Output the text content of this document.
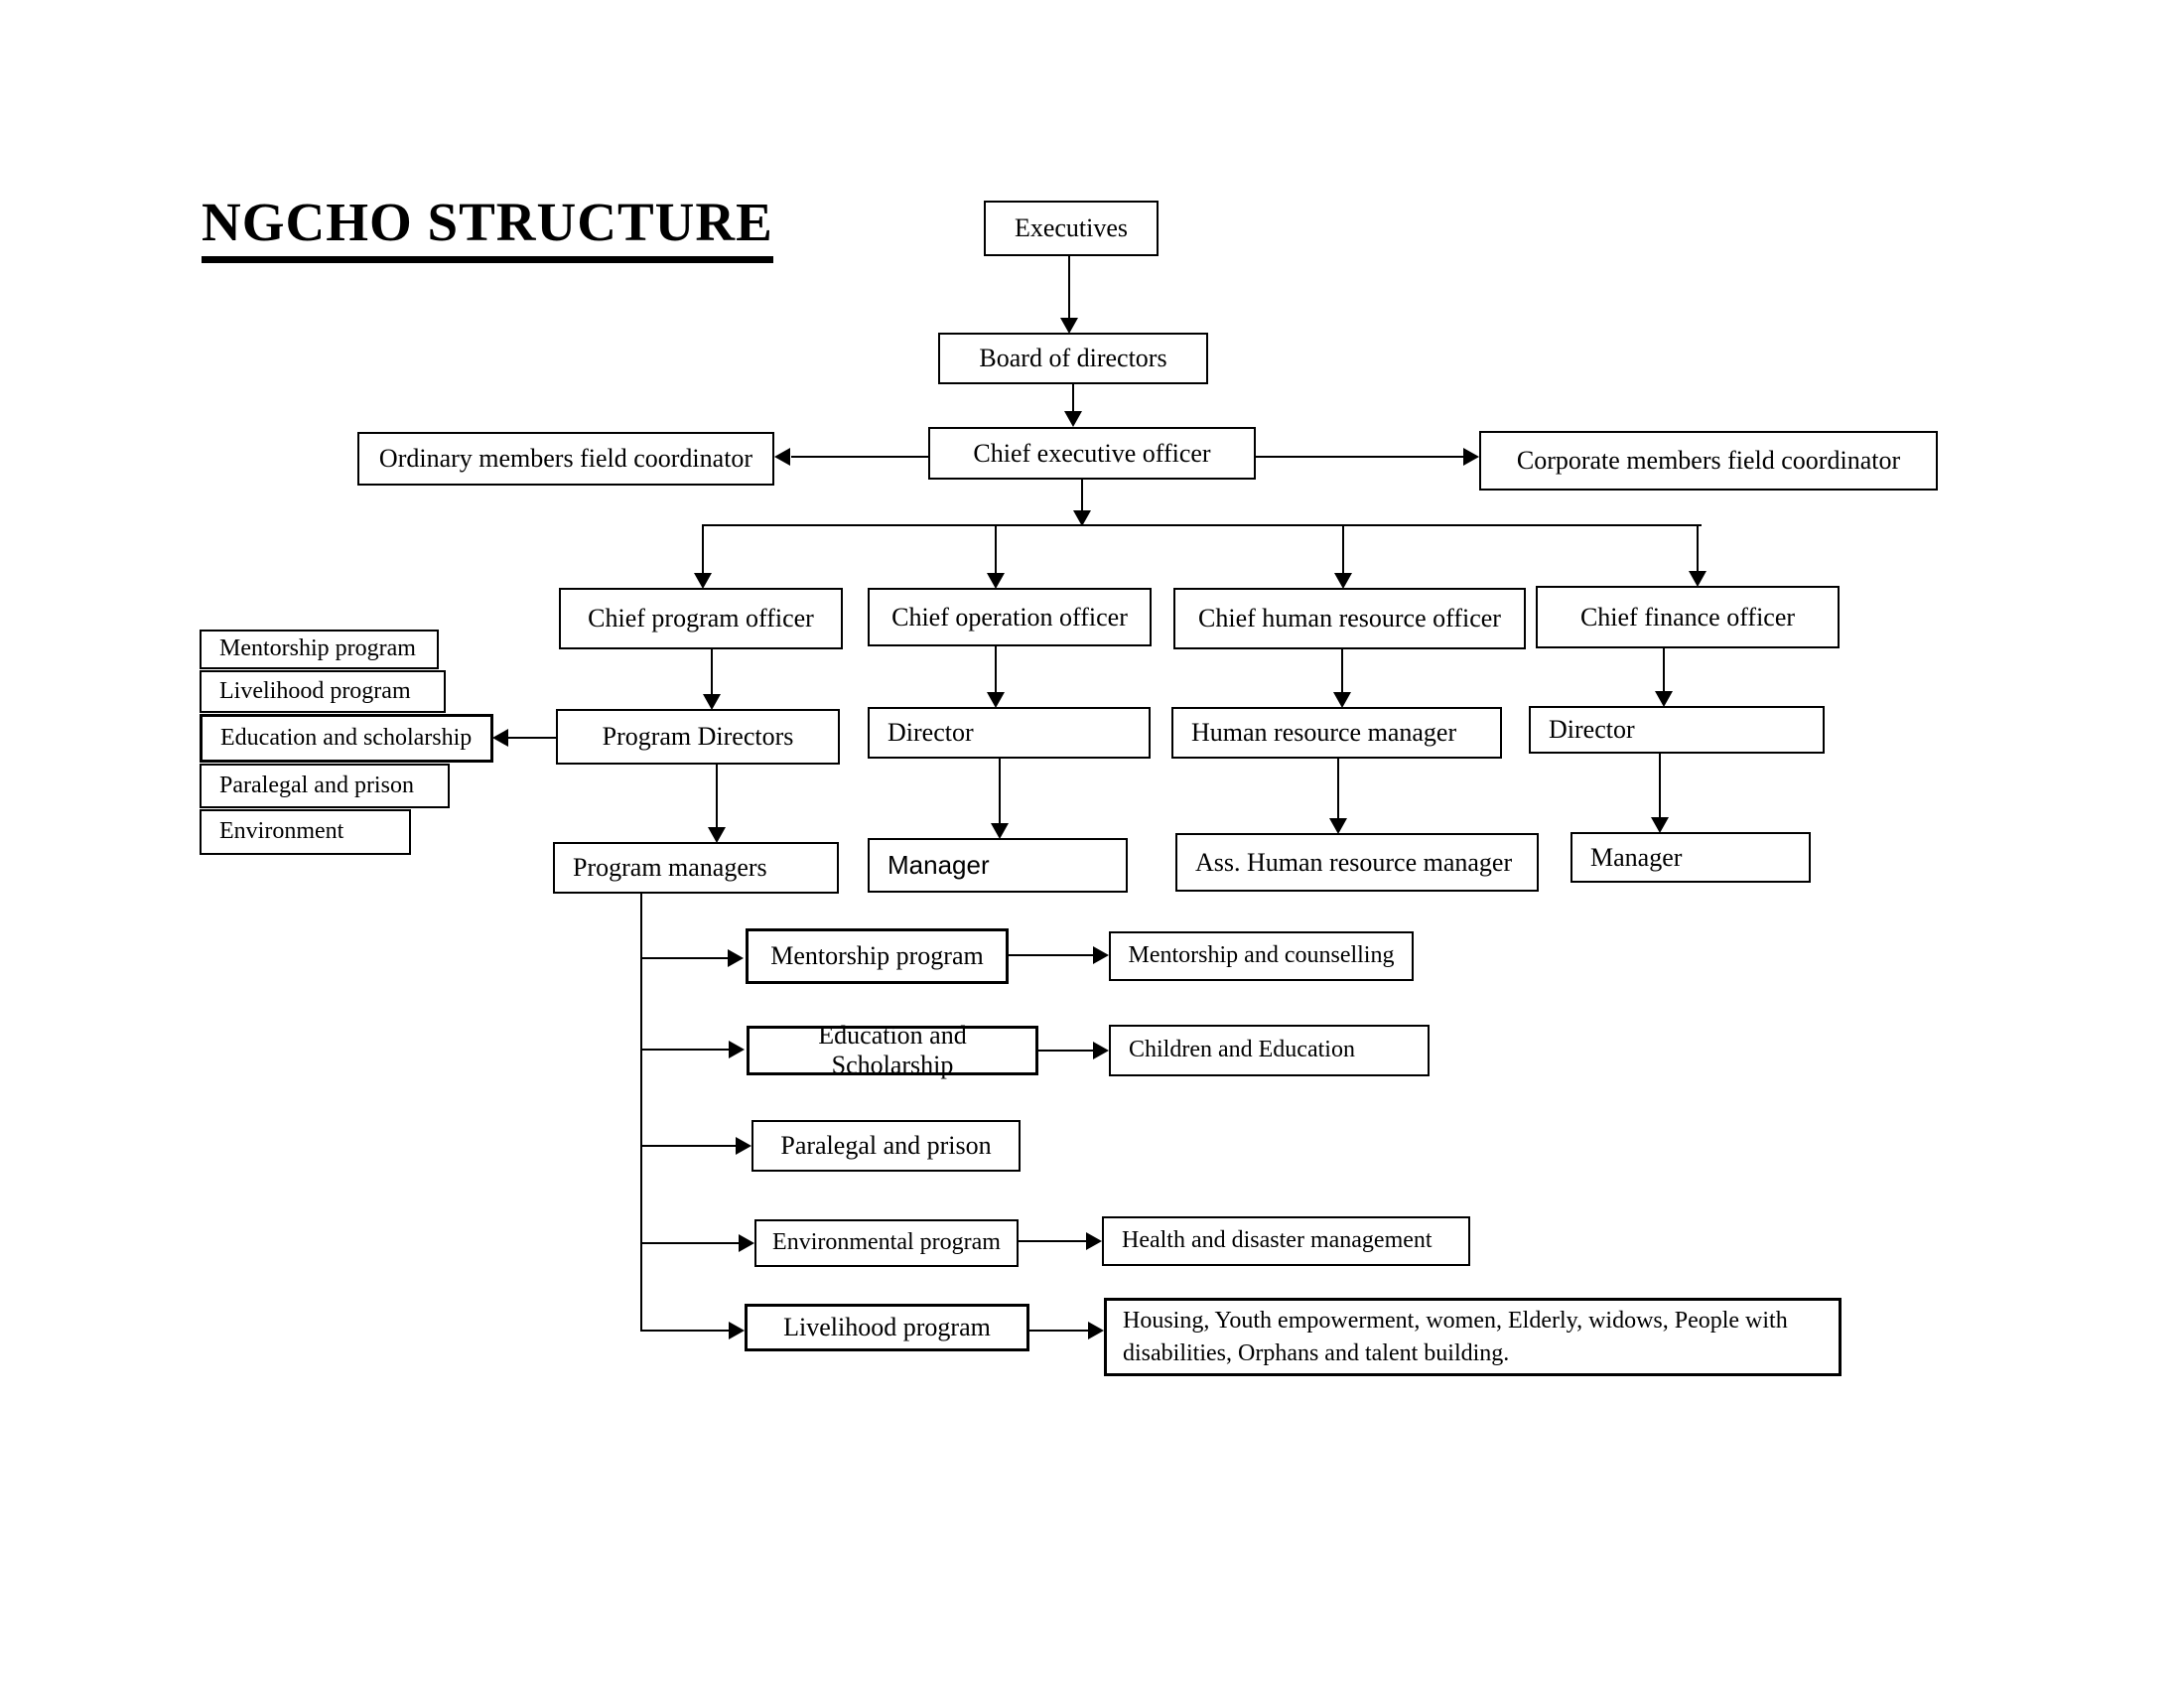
NGCHO STRUCTURE	Executives
Board of directors
Chief executive officer
Ordinary members field coordinator	Corporate members field coordinator
Chief program officer	Chief operation officer	Chief human resource officer	Chief finance officer
Program Directors
Program managers
Mentorship program
Livelihood program
Education and scholarship
Paralegal and prison
Environment
Director
Manager
Human resource manager
Ass. Human resource manager
Director
Manager
Mentorship program	Mentorship and counselling
Education and Scholarship
Children and Education
Paralegal and prison
Environmental program	Health and disaster management
Livelihood program	Housing, Youth empowerment, women, Elderly, widows, People with disabilities, Orphans and talent building.
